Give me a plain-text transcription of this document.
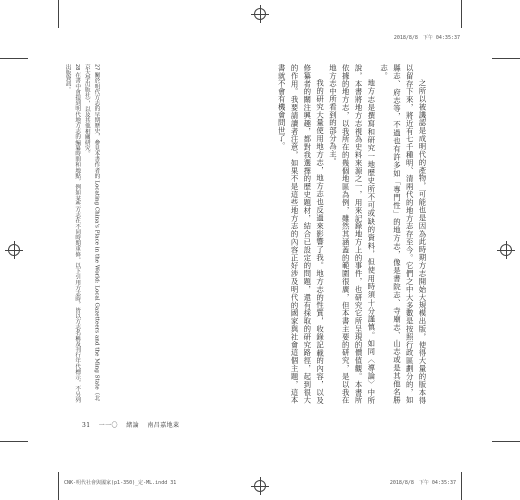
2018/8/8　下午 04:35:37

之所以被譏認是成明代的產物，可能也是因為此時期方志開始大規模出版，使得大量的版本得以留存下來，將近有七千種明、清兩代的地方志存至今。它們之中大多數是按照行政區劃分的，如縣志、府志等，不過也有許多如「專門性」的地方志，像是書院志、寺廟志、山志或是其他名勝志。

地方志是撰寫和研究一地歷史所不可或缺的資料，但使用時須十分謹慎。如同〈導論〉中所說，本書將地方志視為史料來源之一，用來記錄地方上的事件，也研究它所呈現的價值觀。本書所依據的地方志，以我所在的幾個地區為例，雖然其涵蓋的範圍很廣，但本書主要的研究，是以我在地方志中所看到的部分為主。

我的研究大量使用地方志，地方志也反過來影響了我。地方志的性質，收錄記載的內容，以及修纂者的關注興趣，都對我選擇的歷史題材，結合已設定的問題，還有採取的研究路徑，起到很大的作用。我要請讀者注意，如果不是這些地方志的內容正好涉及明代的國家與社會這個主題，這本書就不會有機會問世了。

27 關於明代方志的早期歷史，參見本書作者的 Locating China's Place in the World: Local Gazetteers and the Ming State（北京大學出版社），以及其他相關研究。

28 在書中會提到明代地方志的編纂時間和地點，例如某些方志在不同時期重修。以下引用方志時，皆以方志名稱及刊行年代標示，不另列出版資訊。

31 一一〇 緒論 南昌嘉地萊
CNK-明代社會與國家(p1-350)_定-ML.indd 31	2018/8/8　下午 04:35:37
